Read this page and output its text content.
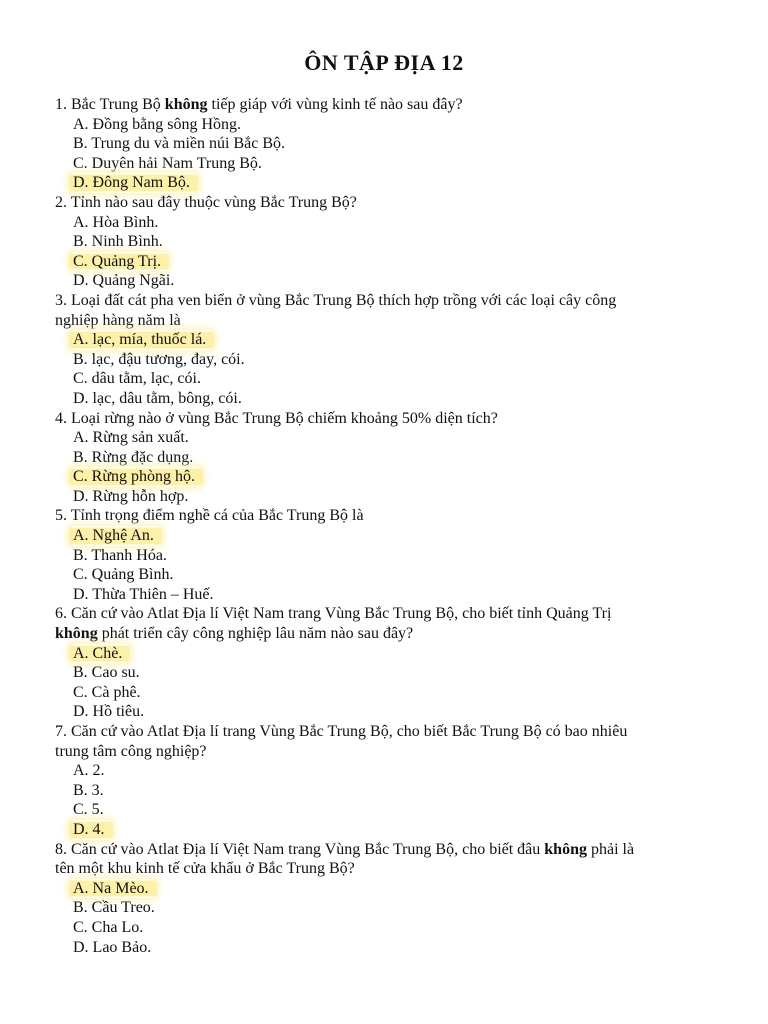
ÔN TẬP ĐỊA 12
1. Bắc Trung Bộ không tiếp giáp với vùng kinh tế nào sau đây?
A. Đồng bằng sông Hồng.
B. Trung du và miền núi Bắc Bộ.
C. Duyên hải Nam Trung Bộ.
D. Đông Nam Bộ.
2. Tỉnh nào sau đây thuộc vùng Bắc Trung Bộ?
A. Hòa Bình.
B. Ninh Bình.
C. Quảng Trị.
D. Quảng Ngãi.
3. Loại đất cát pha ven biển ở vùng Bắc Trung Bộ thích hợp trồng với các loại cây công
nghiệp hàng năm là
A. lạc, mía, thuốc lá.
B. lạc, đậu tương, đay, cói.
C. dâu tằm, lạc, cói.
D. lạc, dâu tằm, bông, cói.
4. Loại rừng nào ở vùng Bắc Trung Bộ chiếm khoảng 50% diện tích?
A. Rừng sản xuất.
B. Rừng đặc dụng.
C. Rừng phòng hộ.
D. Rừng hỗn hợp.
5. Tỉnh trọng điểm nghề cá của Bắc Trung Bộ là
A. Nghệ An.
B. Thanh Hóa.
C. Quảng Bình.
D. Thừa Thiên – Huế.
6. Căn cứ vào Atlat Địa lí Việt Nam trang Vùng Bắc Trung Bộ, cho biết tỉnh Quảng Trị
không phát triển cây công nghiệp lâu năm nào sau đây?
A. Chè.
B. Cao su.
C. Cà phê.
D. Hồ tiêu.
7. Căn cứ vào Atlat Địa lí trang Vùng Bắc Trung Bộ, cho biết Bắc Trung Bộ có bao nhiêu
trung tâm công nghiệp?
A. 2.
B. 3.
C. 5.
D. 4.
8. Căn cứ vào Atlat Địa lí Việt Nam trang Vùng Bắc Trung Bộ, cho biết đâu không phải là
tên một khu kinh tế cửa khẩu ở Bắc Trung Bộ?
A. Na Mèo.
B. Cầu Treo.
C. Cha Lo.
D. Lao Bảo.
